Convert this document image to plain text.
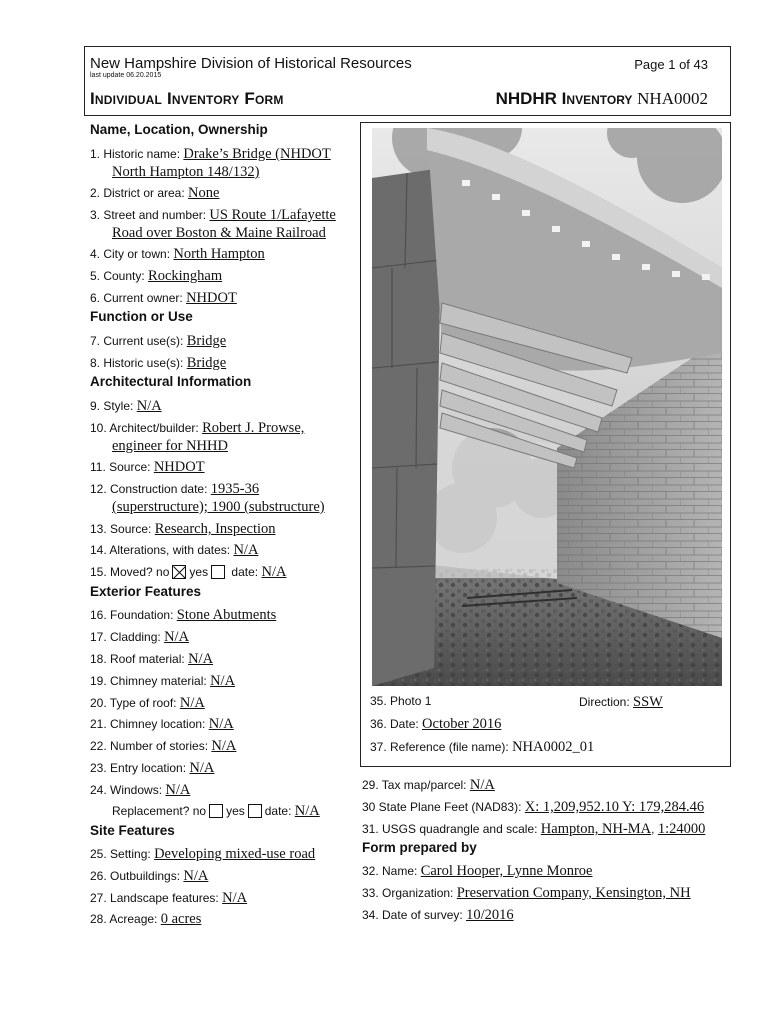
New Hampshire Division of Historical Resources
last update 06.20.2015
Page 1 of 43
Individual Inventory Form	NHDHR Inventory NHA0002
Name, Location, Ownership
1. Historic name: Drake’s Bridge (NHDOT
North Hampton 148/132)
2. District or area: None
3. Street and number: US Route 1/Lafayette
Road over Boston & Maine Railroad
4. City or town: North Hampton
5. County: Rockingham
6. Current owner: NHDOT
Function or Use
7. Current use(s): Bridge
8. Historic use(s): Bridge
Architectural Information
9. Style: N/A
10. Architect/builder: Robert J. Prowse,
engineer for NHHD
11. Source: NHDOT
12. Construction date: 1935-36
(superstructure); 1900 (substructure)
13. Source: Research, Inspection
14. Alterations, with dates: N/A
15. Moved? no yes date: N/A
Exterior Features
16. Foundation: Stone Abutments
17. Cladding: N/A
18. Roof material: N/A
19. Chimney material: N/A
20. Type of roof: N/A
21. Chimney location: N/A
22. Number of stories: N/A
23. Entry location: N/A
24. Windows: N/A
Replacement? no yes date: N/A
Site Features
25. Setting: Developing mixed-use road
26. Outbuildings: N/A
27. Landscape features: N/A
28. Acreage: 0 acres
35. Photo 1	Direction: SSW
36. Date: October 2016
37. Reference (file name): NHA0002_01
29. Tax map/parcel: N/A
30 State Plane Feet (NAD83): X: 1,209,952.10 Y: 179,284.46
31. USGS quadrangle and scale: Hampton, NH-MA, 1:24000
Form prepared by
32. Name: Carol Hooper, Lynne Monroe
33. Organization: Preservation Company, Kensington, NH
34. Date of survey: 10/2016
